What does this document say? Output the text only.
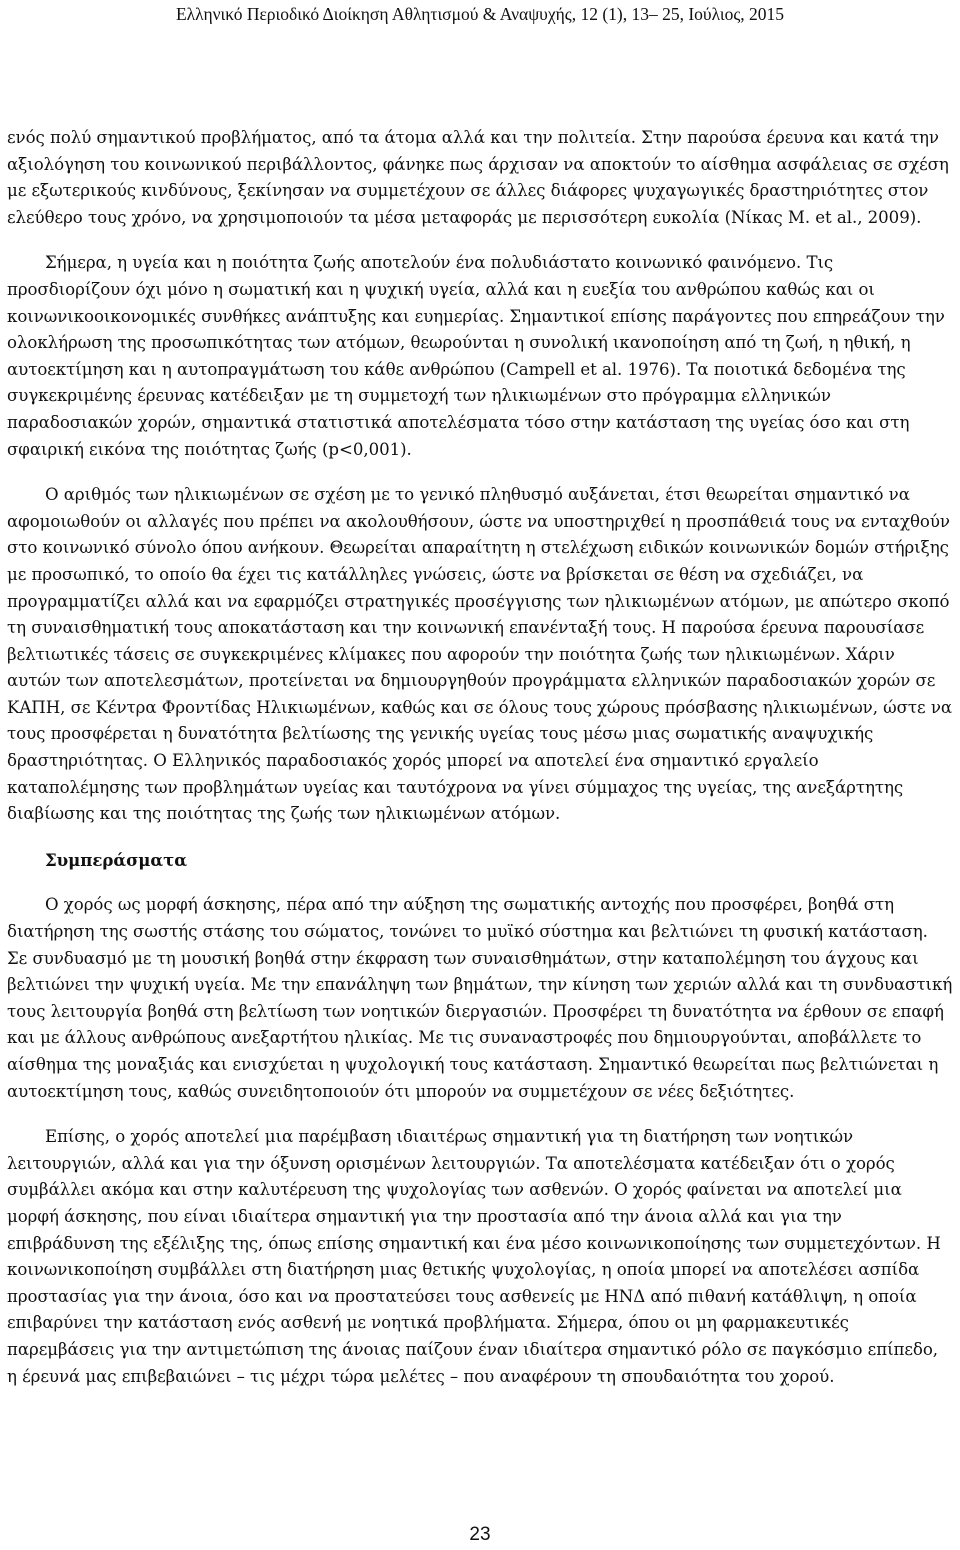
Ελληνικό Περιοδικό Διοίκηση Αθλητισμού & Αναψυχής, 12 (1), 13– 25, Ιούλιος, 2015

ενός πολύ σημαντικού προβλήματος, από τα άτομα αλλά και την πολιτεία. Στην παρούσα έρευνα και κατά την αξιολόγηση του κοινωνικού περιβάλλοντος, φάνηκε πως άρχισαν να αποκτούν το αίσθημα ασφάλειας σε σχέση με εξωτερικούς κινδύνους, ξεκίνησαν να συμμετέχουν σε άλλες διάφορες ψυχαγωγικές δραστηριότητες στον ελεύθερο τους χρόνο, να χρησιμοποιούν τα μέσα μεταφοράς με περισσότερη ευκολία (Νίκας Μ. et al., 2009).

Σήμερα, η υγεία και η ποιότητα ζωής αποτελούν ένα πολυδιάστατο κοινωνικό φαινόμενο. Τις προσδιορίζουν όχι μόνο η σωματική και η ψυχική υγεία, αλλά και η ευεξία του ανθρώπου καθώς και οι κοινωνικοοικονομικές συνθήκες ανάπτυξης και ευημερίας. Σημαντικοί επίσης παράγοντες που επηρεάζουν την ολοκλήρωση της προσωπικότητας των ατόμων, θεωρούνται η συνολική ικανοποίηση από τη ζωή, η ηθική, η αυτοεκτίμηση και η αυτοπραγμάτωση του κάθε ανθρώπου (Campell et al. 1976). Τα ποιοτικά δεδομένα της συγκεκριμένης έρευνας κατέδειξαν με τη συμμετοχή των ηλικιωμένων στο πρόγραμμα ελληνικών παραδοσιακών χορών, σημαντικά στατιστικά αποτελέσματα τόσο στην κατάσταση της υγείας όσο και στη σφαιρική εικόνα της ποιότητας ζωής (p<0,001).

Ο αριθμός των ηλικιωμένων σε σχέση με το γενικό πληθυσμό αυξάνεται, έτσι θεωρείται σημαντικό να αφομοιωθούν οι αλλαγές που πρέπει να ακολουθήσουν, ώστε να υποστηριχθεί η προσπάθειά τους να ενταχθούν στο κοινωνικό σύνολο όπου ανήκουν. Θεωρείται απαραίτητη η στελέχωση ειδικών κοινωνικών δομών στήριξης με προσωπικό, το οποίο θα έχει τις κατάλληλες γνώσεις, ώστε να βρίσκεται σε θέση να σχεδιάζει, να προγραμματίζει αλλά και να εφαρμόζει στρατηγικές προσέγγισης των ηλικιωμένων ατόμων, με απώτερο σκοπό τη συναισθηματική τους αποκατάσταση και την κοινωνική επανένταξή τους. Η παρούσα έρευνα παρουσίασε βελτιωτικές τάσεις σε συγκεκριμένες κλίμακες που αφορούν την ποιότητα ζωής των ηλικιωμένων. Χάριν αυτών των αποτελεσμάτων, προτείνεται να δημιουργηθούν προγράμματα ελληνικών παραδοσιακών χορών σε ΚΑΠΗ, σε Κέντρα Φροντίδας Ηλικιωμένων, καθώς και σε όλους τους χώρους πρόσβασης ηλικιωμένων, ώστε να τους προσφέρεται η δυνατότητα βελτίωσης της γενικής υγείας τους μέσω μιας σωματικής αναψυχικής δραστηριότητας. Ο Ελληνικός παραδοσιακός χορός μπορεί να αποτελεί ένα σημαντικό εργαλείο καταπολέμησης των προβλημάτων υγείας και ταυτόχρονα να γίνει σύμμαχος της υγείας, της ανεξάρτητης διαβίωσης και της ποιότητας της ζωής των ηλικιωμένων ατόμων.

Συμπεράσματα

Ο χορός ως μορφή άσκησης, πέρα από την αύξηση της σωματικής αντοχής που προσφέρει, βοηθά στη διατήρηση της σωστής στάσης του σώματος, τονώνει το μυϊκό σύστημα και βελτιώνει τη φυσική κατάσταση. Σε συνδυασμό με τη μουσική βοηθά στην έκφραση των συναισθημάτων, στην καταπολέμηση του άγχους και βελτιώνει την ψυχική υγεία. Με την επανάληψη των βημάτων, την κίνηση των χεριών αλλά και τη συνδυαστική τους λειτουργία βοηθά στη βελτίωση των νοητικών διεργασιών. Προσφέρει τη δυνατότητα να έρθουν σε επαφή και με άλλους ανθρώπους ανεξαρτήτου ηλικίας. Με τις συναναστροφές που δημιουργούνται, αποβάλλετε το αίσθημα της μοναξιάς και ενισχύεται η ψυχολογική τους κατάσταση. Σημαντικό θεωρείται πως βελτιώνεται η αυτοεκτίμηση τους, καθώς συνειδητοποιούν ότι μπορούν να συμμετέχουν σε νέες δεξιότητες.

Επίσης, ο χορός αποτελεί μια παρέμβαση ιδιαιτέρως σημαντική για τη διατήρηση των νοητικών λειτουργιών, αλλά και για την όξυνση ορισμένων λειτουργιών. Τα αποτελέσματα κατέδειξαν ότι ο χορός συμβάλλει ακόμα και στην καλυτέρευση της ψυχολογίας των ασθενών. Ο χορός φαίνεται να αποτελεί μια μορφή άσκησης, που είναι ιδιαίτερα σημαντική για την προστασία από την άνοια αλλά και για την επιβράδυνση της εξέλιξης της, όπως επίσης σημαντική και ένα μέσο κοινωνικοποίησης των συμμετεχόντων. Η κοινωνικοποίηση συμβάλλει στη διατήρηση μιας θετικής ψυχολογίας, η οποία μπορεί να αποτελέσει ασπίδα προστασίας για την άνοια, όσο και να προστατεύσει τους ασθενείς με ΗΝΔ από πιθανή κατάθλιψη, η οποία επιβαρύνει την κατάσταση ενός ασθενή με νοητικά προβλήματα. Σήμερα, όπου οι μη φαρμακευτικές παρεμβάσεις για την αντιμετώπιση της άνοιας παίζουν έναν ιδιαίτερα σημαντικό ρόλο σε παγκόσμιο επίπεδο, η έρευνά μας επιβεβαιώνει – τις μέχρι τώρα μελέτες – που αναφέρουν τη σπουδαιότητα του χορού.

23
